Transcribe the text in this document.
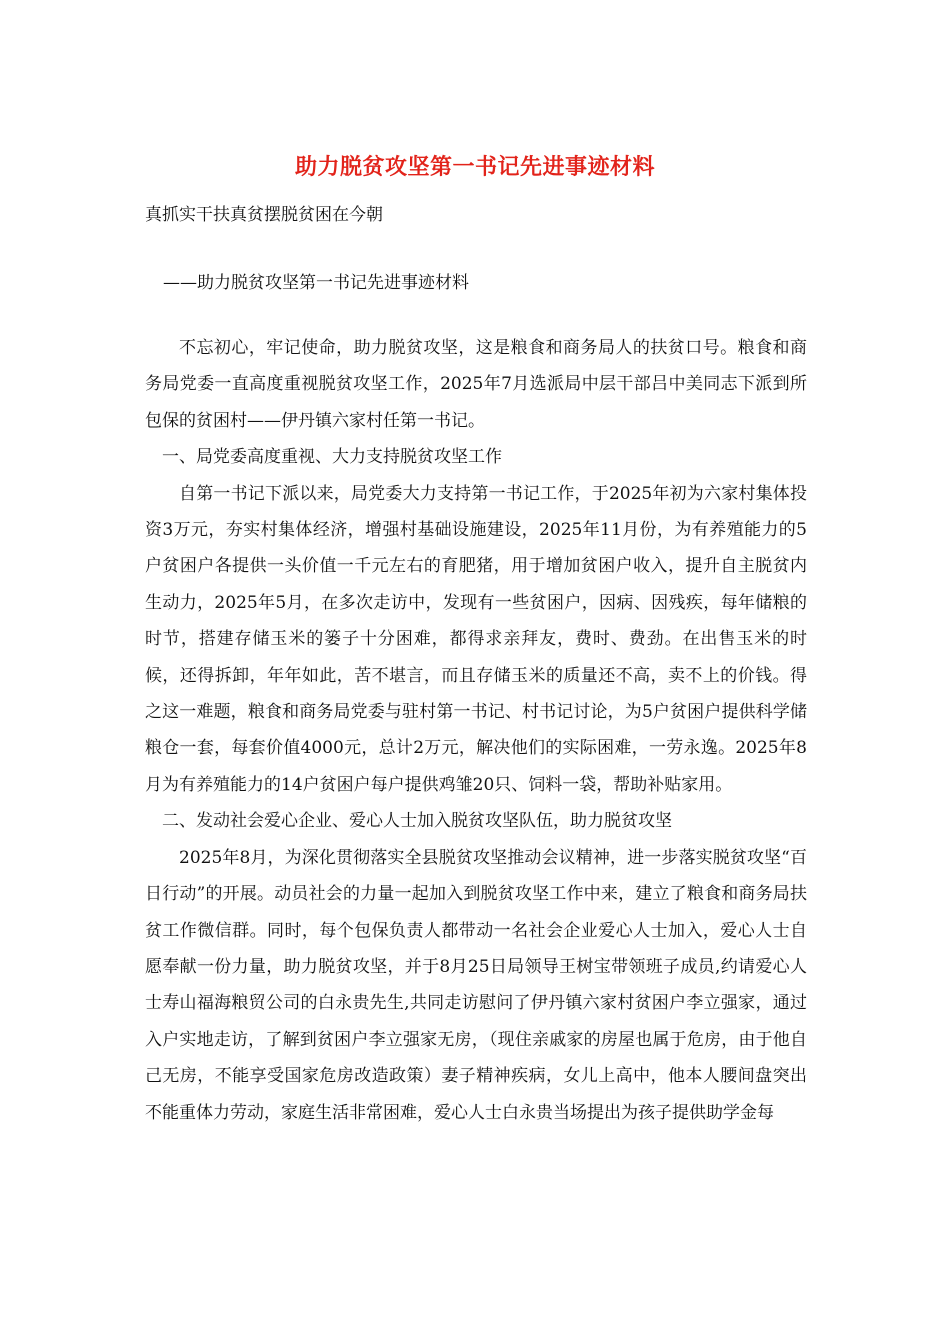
助力脱贫攻坚第一书记先进事迹材料
真抓实干扶真贫摆脱贫困在今朝
——助力脱贫攻坚第一书记先进事迹材料

不忘初心，牢记使命，助力脱贫攻坚，这是粮食和商务局人的扶贫口号。粮食和商务局党委一直高度重视脱贫攻坚工作，2025年7月选派局中层干部吕中美同志下派到所包保的贫困村——伊丹镇六家村任第一书记。

一、局党委高度重视、大力支持脱贫攻坚工作

自第一书记下派以来，局党委大力支持第一书记工作，于2025年初为六家村集体投资3万元，夯实村集体经济，增强村基础设施建设，2025年11月份，为有养殖能力的5户贫困户各提供一头价值一千元左右的育肥猪，用于增加贫困户收入，提升自主脱贫内生动力，2025年5月，在多次走访中，发现有一些贫困户，因病、因残疾，每年储粮的时节，搭建存储玉米的篓子十分困难，都得求亲拜友，费时、费劲。在出售玉米的时候，还得拆卸，年年如此，苦不堪言，而且存储玉米的质量还不高，卖不上的价钱。得之这一难题，粮食和商务局党委与驻村第一书记、村书记讨论，为5户贫困户提供科学储粮仓一套，每套价值4000元，总计2万元，解决他们的实际困难，一劳永逸。2025年8月为有养殖能力的14户贫困户每户提供鸡雏20只、饲料一袋，帮助补贴家用。

二、发动社会爱心企业、爱心人士加入脱贫攻坚队伍，助力脱贫攻坚

2025年8月，为深化贯彻落实全县脱贫攻坚推动会议精神，进一步落实脱贫攻坚“百日行动”的开展。动员社会的力量一起加入到脱贫攻坚工作中来，建立了粮食和商务局扶贫工作微信群。同时，每个包保负责人都带动一名社会企业爱心人士加入，爱心人士自愿奉献一份力量，助力脱贫攻坚，并于8月25日局领导王树宝带领班子成员,约请爱心人士寿山福海粮贸公司的白永贵先生,共同走访慰问了伊丹镇六家村贫困户李立强家，通过入户实地走访，了解到贫困户李立强家无房，（现住亲戚家的房屋也属于危房，由于他自己无房，不能享受国家危房改造政策）妻子精神疾病，女儿上高中，他本人腰间盘突出不能重体力劳动，家庭生活非常困难，爱心人士白永贵当场提出为孩子提供助学金每
